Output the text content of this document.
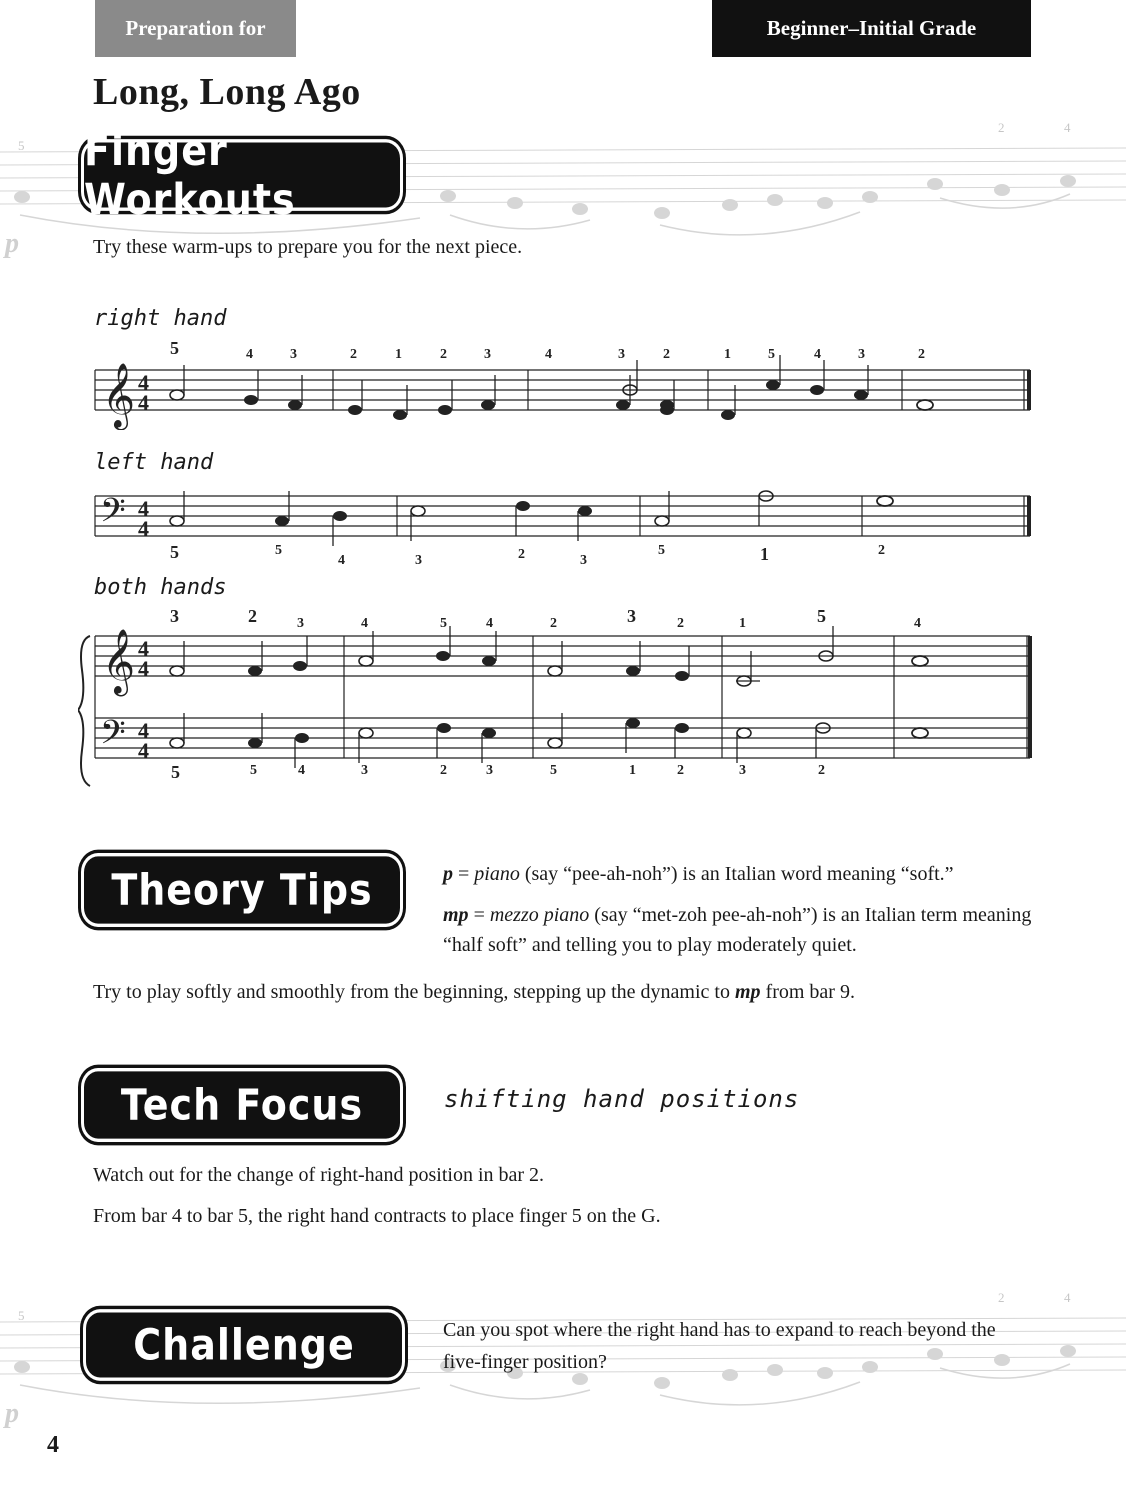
Preparation for	Beginner–Initial Grade
Long, Long Ago
5
2	4
p
Finger Workouts
Try these warm-ups to prepare you for the next piece.
right hand
𝄞 4
4
5	4	3	2	1	2	3	4	3	2	1	5	4	3	2
left hand
𝄢 4
4
5	5
4	3	2	3
5	1	2
both hands
𝄞 4
4
𝄢 4
4
3	2	3	4	5	4	2	3	2	1	5	4
5	5	4	3	2	3	5	1	2	3	2
Theory Tips	p = piano (say “pee-ah-noh”) is an Italian word meaning “soft.”
mp = mezzo piano (say “met-zoh pee-ah-noh”) is an Italian term meaning “half soft” and telling you to play moderately quiet.
Try to play softly and smoothly from the beginning, stepping up the dynamic to mp from bar 9.
Tech Focus	shifting hand positions
Watch out for the change of right-hand position in bar 2.
From bar 4 to bar 5, the right hand contracts to place finger 5 on the G.
5
2	4
p
Challenge	Can you spot where the right hand has to expand to reach beyond the five-finger position?
4
